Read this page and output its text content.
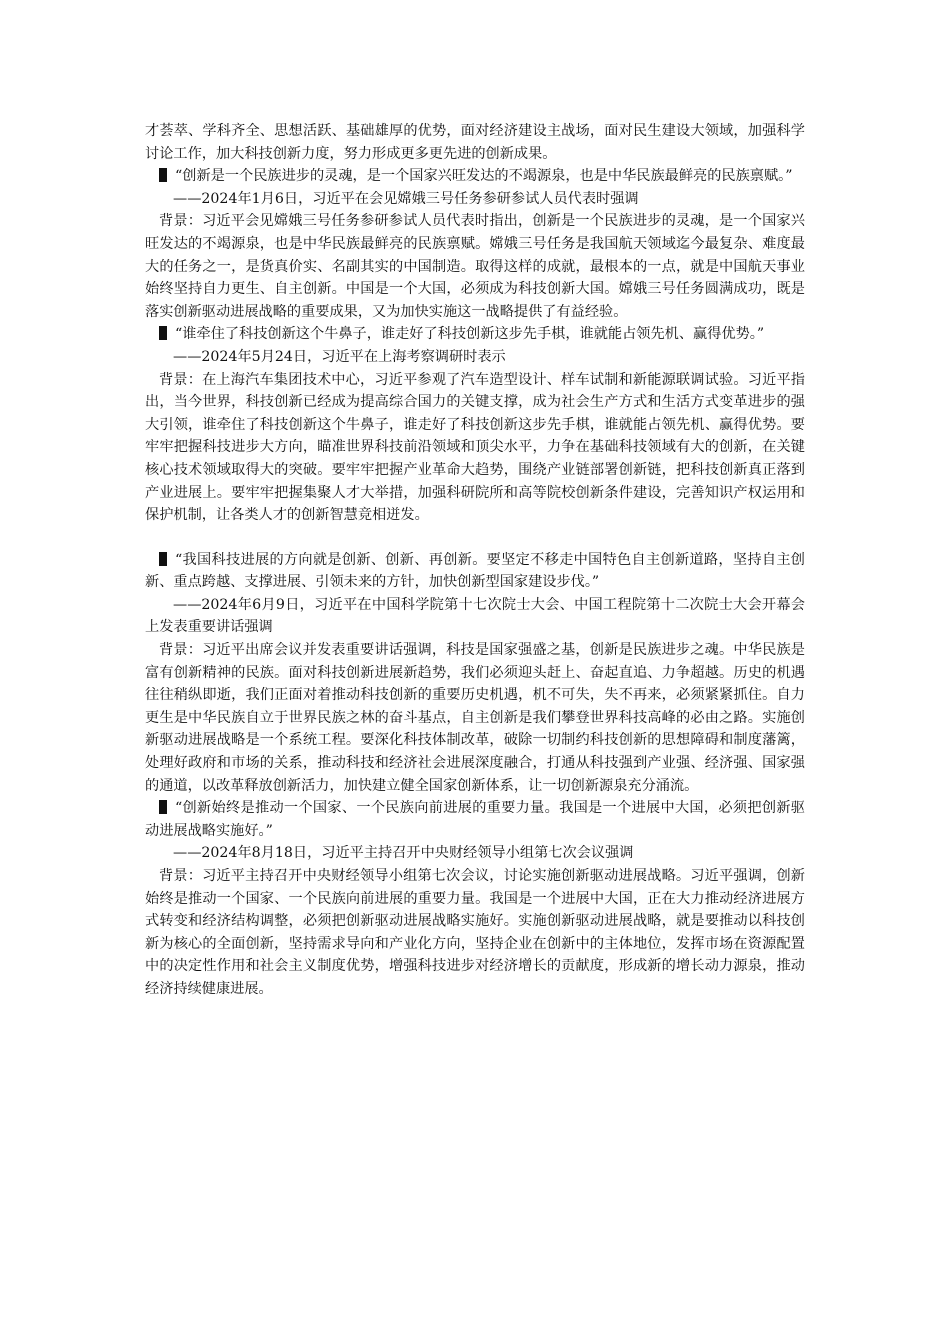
才荟萃、学科齐全、思想活跃、基础雄厚的优势，面对经济建设主战场，面对民生建设大领域，加强科学讨论工作，加大科技创新力度，努力形成更多更先进的创新成果。

“创新是一个民族进步的灵魂，是一个国家兴旺发达的不竭源泉，也是中华民族最鲜亮的民族禀赋。”

——2024年1月6日，习近平在会见嫦娥三号任务参研参试人员代表时强调

背景：习近平会见嫦娥三号任务参研参试人员代表时指出，创新是一个民族进步的灵魂，是一个国家兴旺发达的不竭源泉，也是中华民族最鲜亮的民族禀赋。嫦娥三号任务是我国航天领域迄今最复杂、难度最大的任务之一，是货真价实、名副其实的中国制造。取得这样的成就，最根本的一点，就是中国航天事业始终坚持自力更生、自主创新。中国是一个大国，必须成为科技创新大国。嫦娥三号任务圆满成功，既是落实创新驱动进展战略的重要成果，又为加快实施这一战略提供了有益经验。

“谁牵住了科技创新这个牛鼻子，谁走好了科技创新这步先手棋，谁就能占领先机、赢得优势。”

——2024年5月24日，习近平在上海考察调研时表示

背景：在上海汽车集团技术中心，习近平参观了汽车造型设计、样车试制和新能源联调试验。习近平指出，当今世界，科技创新已经成为提高综合国力的关键支撑，成为社会生产方式和生活方式变革进步的强大引领，谁牵住了科技创新这个牛鼻子，谁走好了科技创新这步先手棋，谁就能占领先机、赢得优势。要牢牢把握科技进步大方向，瞄准世界科技前沿领域和顶尖水平，力争在基础科技领域有大的创新，在关键核心技术领域取得大的突破。要牢牢把握产业革命大趋势，围绕产业链部署创新链，把科技创新真正落到产业进展上。要牢牢把握集聚人才大举措，加强科研院所和高等院校创新条件建设，完善知识产权运用和保护机制，让各类人才的创新智慧竞相迸发。

“我国科技进展的方向就是创新、创新、再创新。要坚定不移走中国特色自主创新道路，坚持自主创新、重点跨越、支撑进展、引领未来的方针，加快创新型国家建设步伐。”

——2024年6月9日，习近平在中国科学院第十七次院士大会、中国工程院第十二次院士大会开幕会上发表重要讲话强调

背景：习近平出席会议并发表重要讲话强调，科技是国家强盛之基，创新是民族进步之魂。中华民族是富有创新精神的民族。面对科技创新进展新趋势，我们必须迎头赶上、奋起直追、力争超越。历史的机遇往往稍纵即逝，我们正面对着推动科技创新的重要历史机遇，机不可失，失不再来，必须紧紧抓住。自力更生是中华民族自立于世界民族之林的奋斗基点，自主创新是我们攀登世界科技高峰的必由之路。实施创新驱动进展战略是一个系统工程。要深化科技体制改革，破除一切制约科技创新的思想障碍和制度藩篱，处理好政府和市场的关系，推动科技和经济社会进展深度融合，打通从科技强到产业强、经济强、国家强的通道，以改革释放创新活力，加快建立健全国家创新体系，让一切创新源泉充分涌流。

“创新始终是推动一个国家、一个民族向前进展的重要力量。我国是一个进展中大国，必须把创新驱动进展战略实施好。”

——2024年8月18日，习近平主持召开中央财经领导小组第七次会议强调

背景：习近平主持召开中央财经领导小组第七次会议，讨论实施创新驱动进展战略。习近平强调，创新始终是推动一个国家、一个民族向前进展的重要力量。我国是一个进展中大国，正在大力推动经济进展方式转变和经济结构调整，必须把创新驱动进展战略实施好。实施创新驱动进展战略，就是要推动以科技创新为核心的全面创新，坚持需求导向和产业化方向，坚持企业在创新中的主体地位，发挥市场在资源配置中的决定性作用和社会主义制度优势，增强科技进步对经济增长的贡献度，形成新的增长动力源泉，推动经济持续健康进展。
